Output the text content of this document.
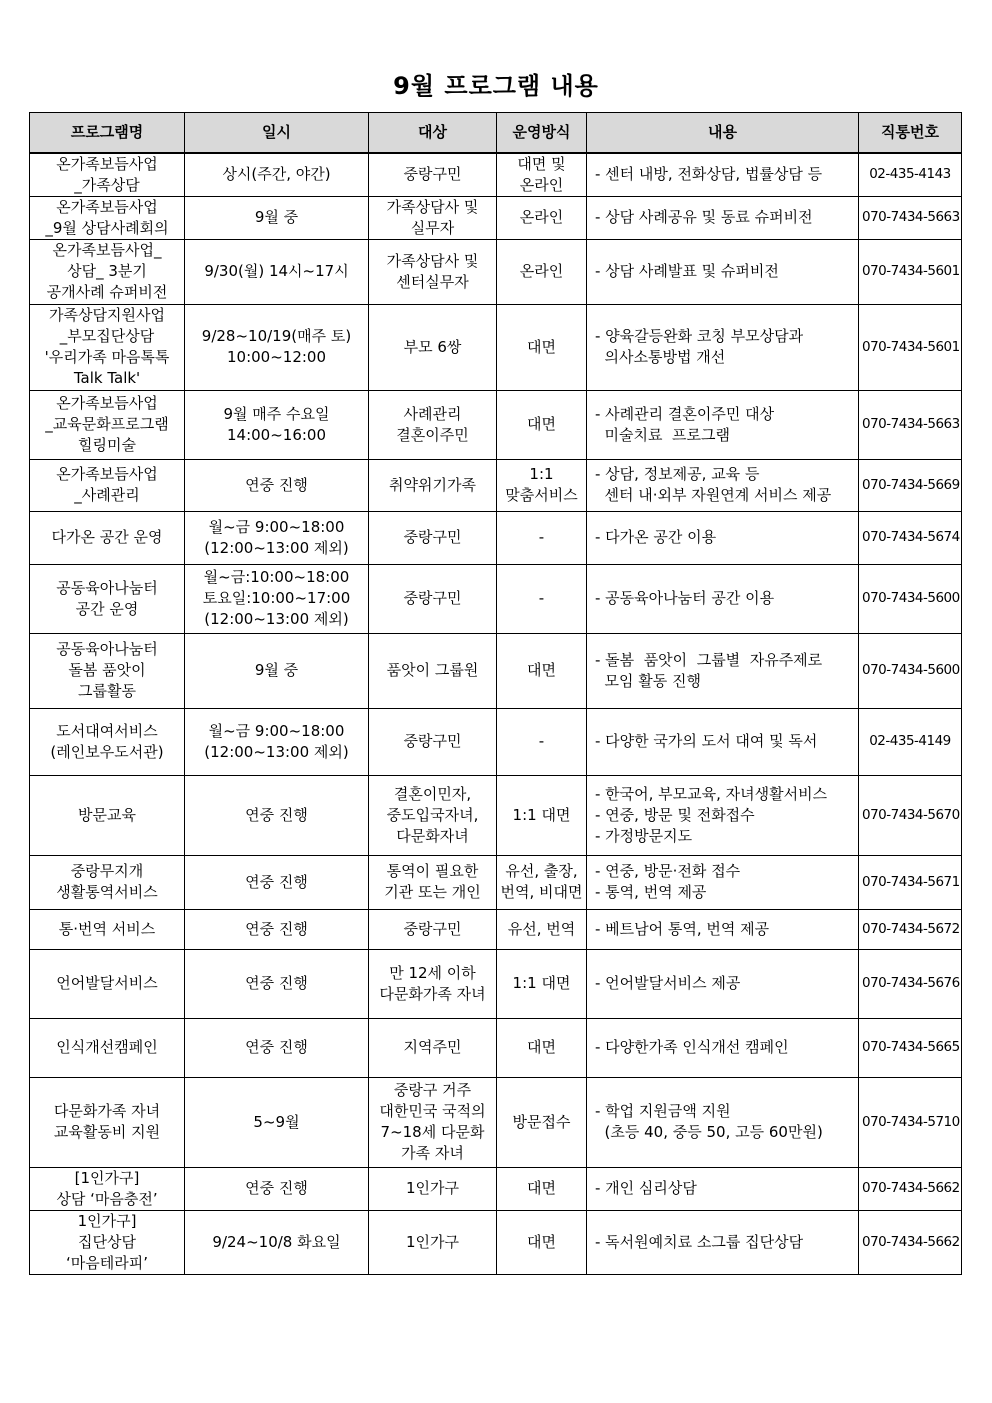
9월 프로그램 내용
프로그램명	일시	대상	운영방식	내용	직통번호

온가족보듬사업
_가족상담	상시(주간, 야간)	중랑구민	대면 및
온라인	- 센터 내방, 전화상담, 법률상담 등	02-435-4143

온가족보듬사업
_9월 상담사례회의	9월 중	가족상담사 및
실무자	온라인	- 상담 사례공유 및 동료 슈퍼비전	070-7434-5663

온가족보듬사업_
상담_ 3분기
공개사례 슈퍼비전	9/30(월) 14시~17시	가족상담사 및
센터실무자	온라인	- 상담 사례발표 및 슈퍼비전	070-7434-5601

가족상담지원사업
_부모집단상담
'우리가족 마음톡톡
Talk Talk'	9/28~10/19(매주 토)
10:00~12:00	부모 6쌍	대면	- 양육갈등완화 코칭 부모상담과
의사소통방법 개선	070-7434-5601

온가족보듬사업
_교육문화프로그램
힐링미술	9월 매주 수요일
14:00~16:00	사례관리
결혼이주민	대면	- 사례관리 결혼이주민 대상
미술치료  프로그램	070-7434-5663

온가족보듬사업
_사례관리	연중 진행	취약위기가족	1:1
맞춤서비스	- 상담, 정보제공, 교육 등
센터 내·외부 자원연계 서비스 제공	070-7434-5669

다가온 공간 운영	월~금 9:00~18:00
(12:00~13:00 제외)	중랑구민	-	- 다가온 공간 이용	070-7434-5674

공동육아나눔터
공간 운영	월~금:10:00~18:00
토요일:10:00~17:00
(12:00~13:00 제외)	중랑구민	-	- 공동육아나눔터 공간 이용	070-7434-5600

공동육아나눔터
돌봄 품앗이
그룹활동	9월 중	품앗이 그룹원	대면	- 돌봄  품앗이  그룹별  자유주제로
모임 활동 진행	070-7434-5600

도서대여서비스
(레인보우도서관)	월~금 9:00~18:00
(12:00~13:00 제외)	중랑구민	-	- 다양한 국가의 도서 대여 및 독서	02-435-4149

방문교육	연중 진행	결혼이민자,
중도입국자녀,
다문화자녀	1:1 대면	- 한국어, 부모교육, 자녀생활서비스
- 연중, 방문 및 전화접수
- 가정방문지도	070-7434-5670

중랑무지개
생활통역서비스	연중 진행	통역이 필요한
기관 또는 개인	유선, 출장,
번역, 비대면	- 연중, 방문·전화 접수
- 통역, 번역 제공	070-7434-5671

통·번역 서비스	연중 진행	중랑구민	유선, 번역	- 베트남어 통역, 번역 제공	070-7434-5672

언어발달서비스	연중 진행	만 12세 이하
다문화가족 자녀	1:1 대면	- 언어발달서비스 제공	070-7434-5676

인식개선캠페인	연중 진행	지역주민	대면	- 다양한가족 인식개선 캠페인	070-7434-5665

다문화가족 자녀
교육활동비 지원	5~9월	중랑구 거주
대한민국 국적의
7~18세 다문화
가족 자녀	방문접수	- 학업 지원금액 지원
(초등 40, 중등 50, 고등 60만원)	070-7434-5710

[1인가구]
상담 ‘마음충전’	연중 진행	1인가구	대면	- 개인 심리상담	070-7434-5662

1인가구]
집단상담
‘마음테라피’	9/24~10/8 화요일	1인가구	대면	- 독서원예치료 소그룹 집단상담	070-7434-5662
